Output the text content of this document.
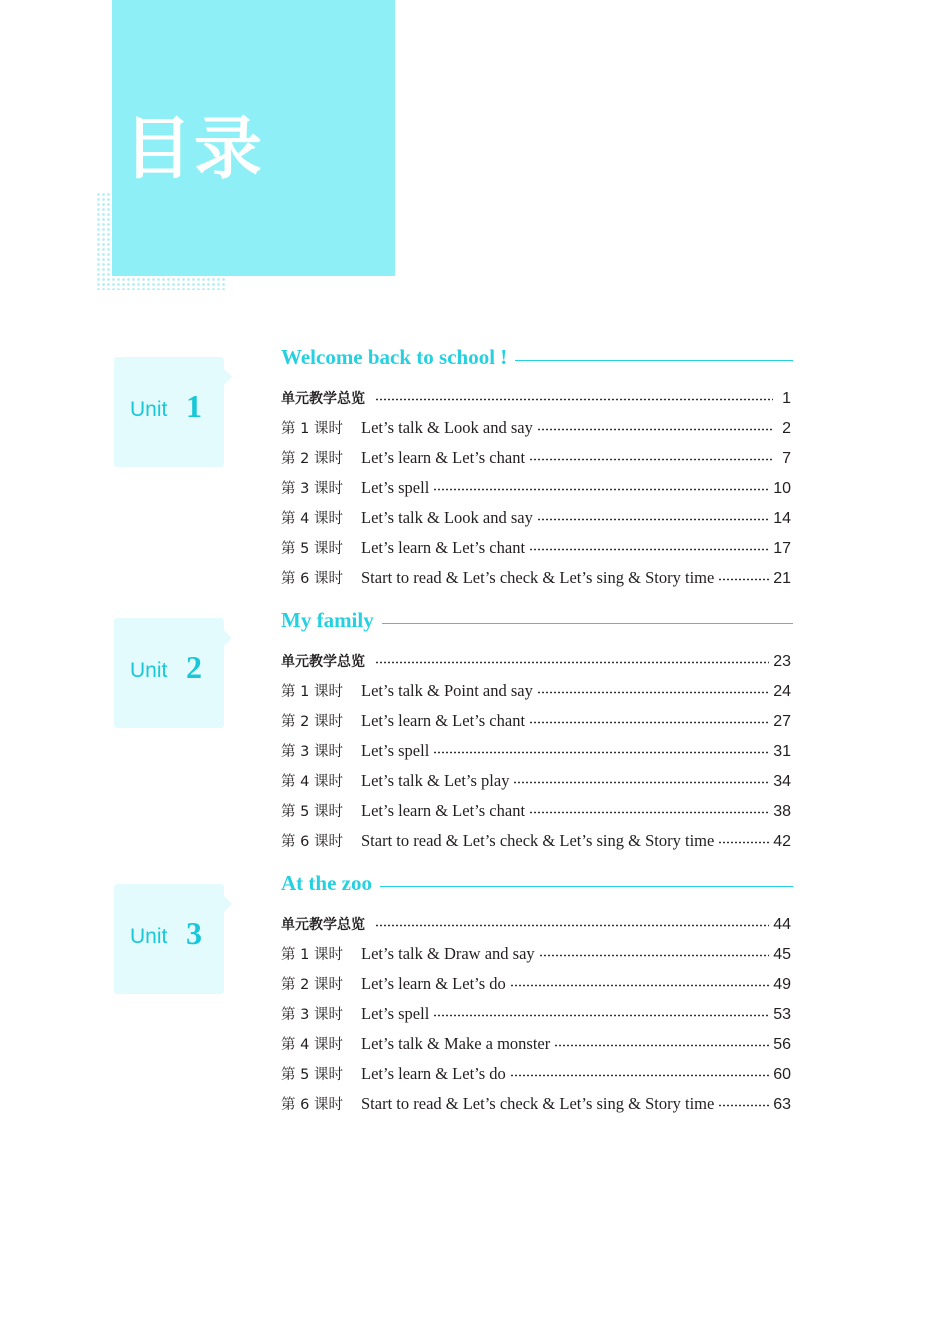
目录
Unit 1
Welcome back to school !
单元教学总览	1
第 1 课时	Let’s talk & Look and say	2
第 2 课时	Let’s learn & Let’s chant	7
第 3 课时	Let’s spell	10
第 4 课时	Let’s talk & Look and say	14
第 5 课时	Let’s learn & Let’s chant	17
第 6 课时	Start to read & Let’s check & Let’s sing & Story time	21
Unit 2
My family
单元教学总览	23
第 1 课时	Let’s talk & Point and say	24
第 2 课时	Let’s learn & Let’s chant	27
第 3 课时	Let’s spell	31
第 4 课时	Let’s talk & Let’s play	34
第 5 课时	Let’s learn & Let’s chant	38
第 6 课时	Start to read & Let’s check & Let’s sing & Story time	42
Unit 3
At the zoo
单元教学总览	44
第 1 课时	Let’s talk & Draw and say	45
第 2 课时	Let’s learn & Let’s do	49
第 3 课时	Let’s spell	53
第 4 课时	Let’s talk & Make a monster	56
第 5 课时	Let’s learn & Let’s do	60
第 6 课时	Start to read & Let’s check & Let’s sing & Story time	63
